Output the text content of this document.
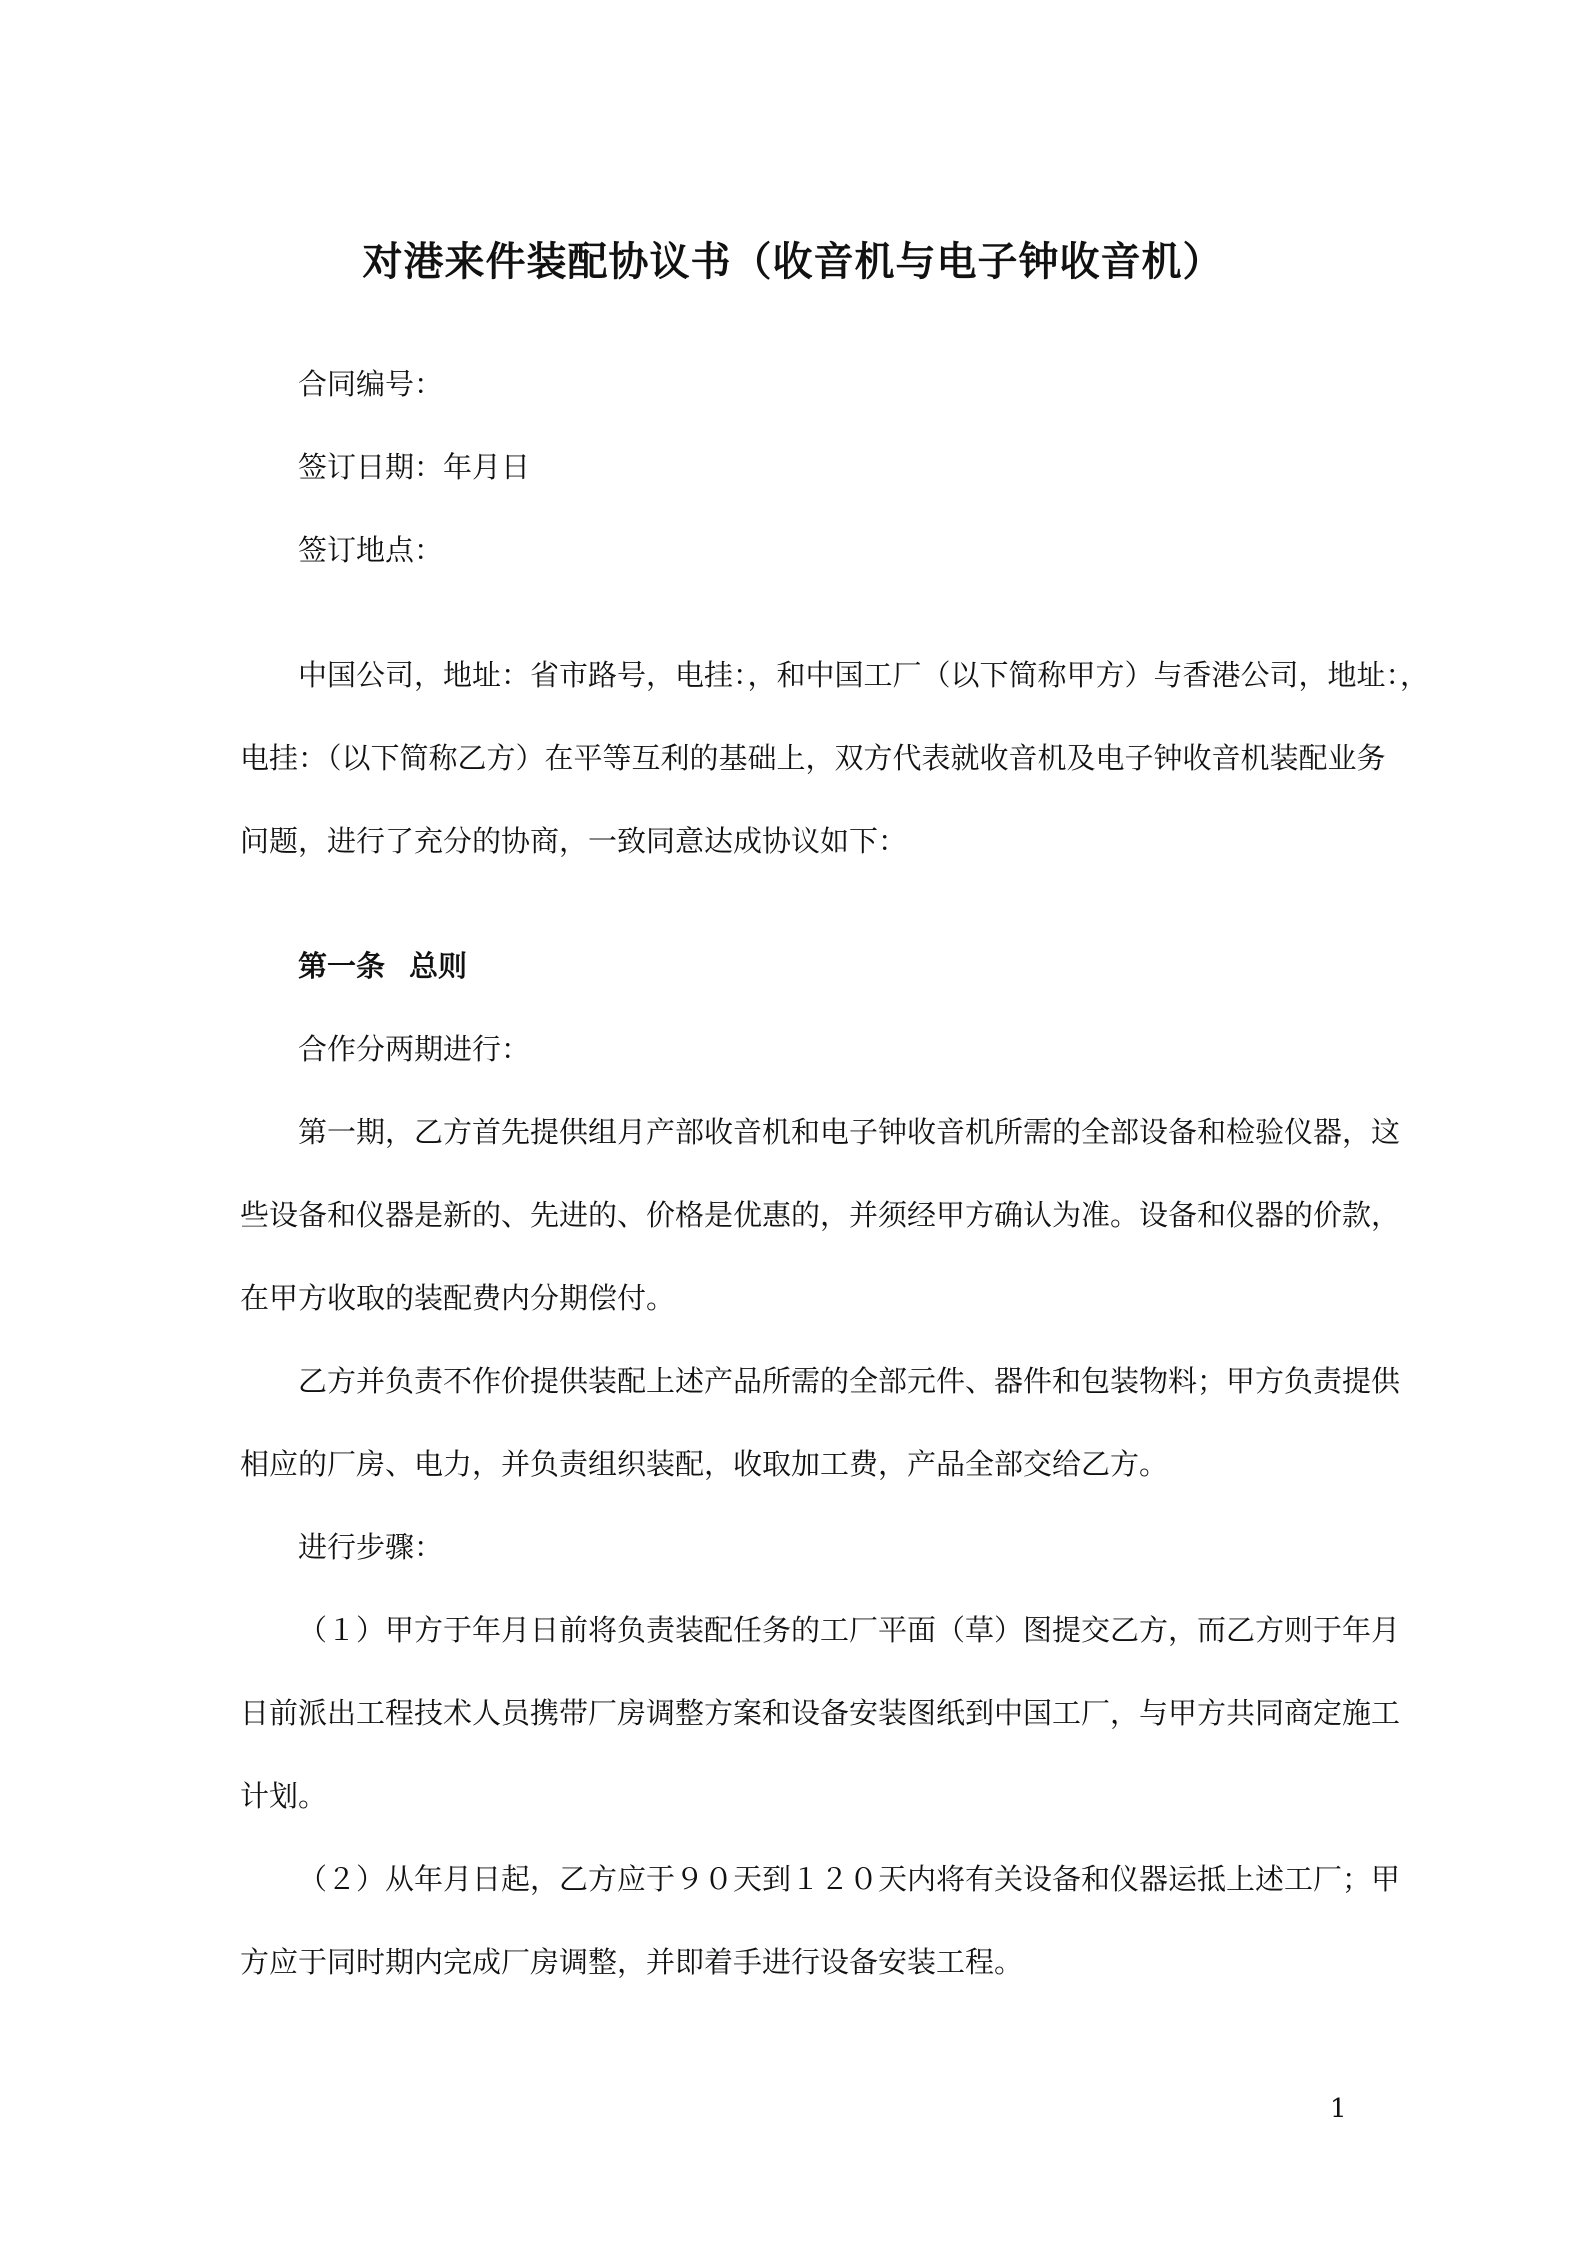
对港来件装配协议书（收音机与电子钟收音机）
合同编号：
签订日期：年月日
签订地点：
中国公司，地址：省市路号，电挂：，和中国工厂（以下简称甲方）与香港公司，地址：，
电挂：（以下简称乙方）在平等互利的基础上，双方代表就收音机及电子钟收音机装配业务
问题，进行了充分的协商，一致同意达成协议如下：
第一条 总则
合作分两期进行：
第一期，乙方首先提供组月产部收音机和电子钟收音机所需的全部设备和检验仪器，这
些设备和仪器是新的、先进的、价格是优惠的，并须经甲方确认为准。设备和仪器的价款，
在甲方收取的装配费内分期偿付。
乙方并负责不作价提供装配上述产品所需的全部元件、器件和包装物料；甲方负责提供
相应的厂房、电力，并负责组织装配，收取加工费，产品全部交给乙方。
进行步骤：
（１）甲方于年月日前将负责装配任务的工厂平面（草）图提交乙方，而乙方则于年月
日前派出工程技术人员携带厂房调整方案和设备安装图纸到中国工厂，与甲方共同商定施工
计划。
（２）从年月日起，乙方应于９０天到１２０天内将有关设备和仪器运抵上述工厂；甲
方应于同时期内完成厂房调整，并即着手进行设备安装工程。
1
